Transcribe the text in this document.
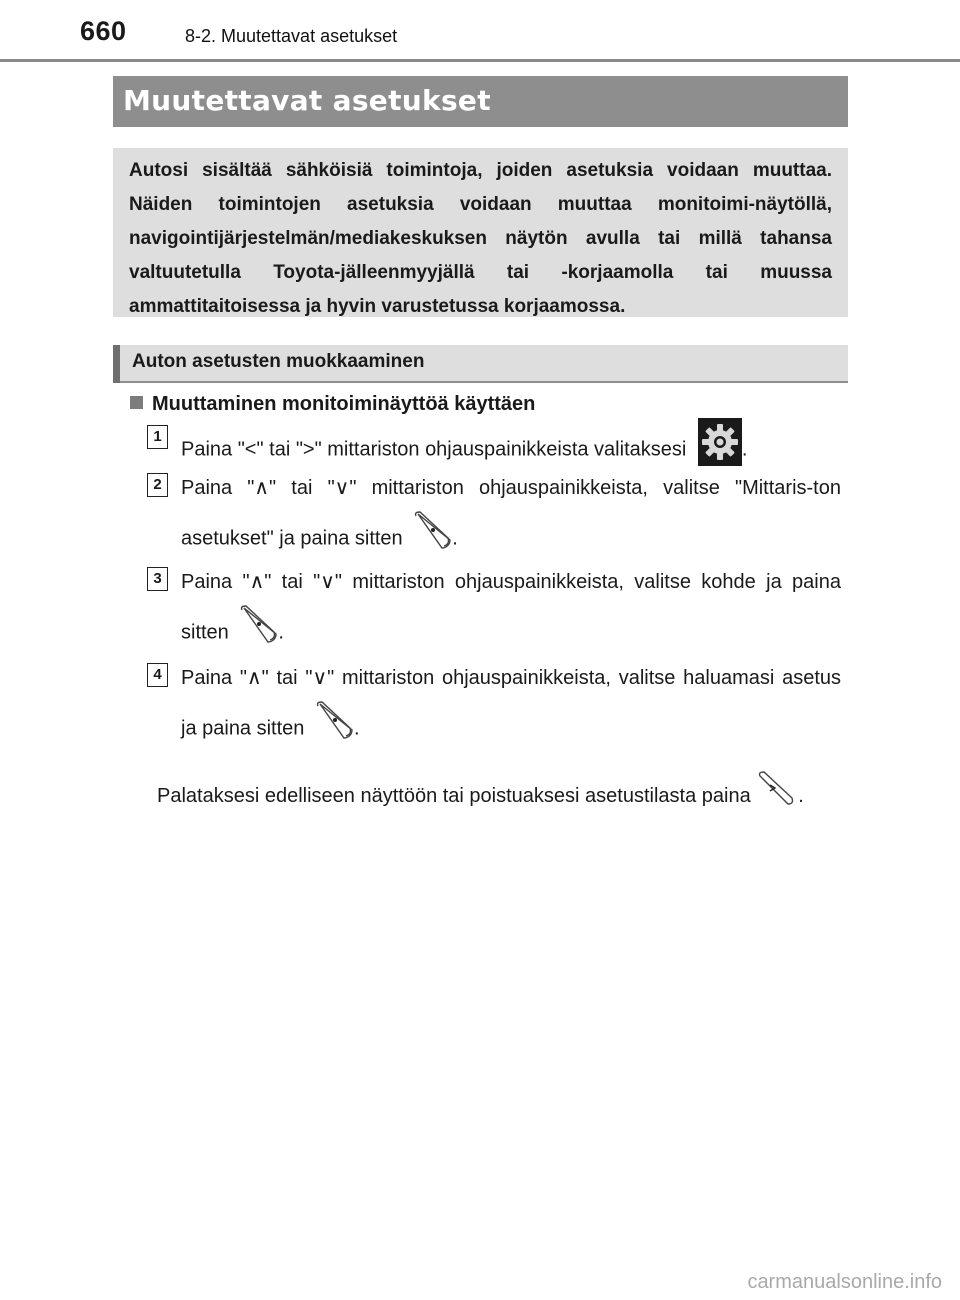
660	8-2. Muutettavat asetukset
Muutettavat asetukset

Autosi sisältää sähköisiä toimintoja, joiden asetuksia voidaan muuttaa. Näiden toimintojen asetuksia voidaan muuttaa monitoimi-näytöllä, navigointijärjestelmän/mediakeskuksen näytön avulla tai millä tahansa valtuutetulla Toyota-jälleenmyyjällä tai -korjaamolla tai muussa ammattitaitoisessa ja hyvin varustetussa korjaamossa.

Auton asetusten muokkaaminen
Muuttaminen monitoiminäyttöä käyttäen
1
Paina "<" tai ">" mittariston ohjauspainikkeista valitaksesi	.
2 Paina "∧" tai "∨" mittariston ohjauspainikkeista, valitse "Mittaris-ton asetukset" ja paina sitten .
3 Paina "∧" tai "∨" mittariston ohjauspainikkeista, valitse kohde ja paina sitten .
4 Paina "∧" tai "∨" mittariston ohjauspainikkeista, valitse haluamasi asetus ja paina sitten .
Palataksesi edelliseen näyttöön tai poistuaksesi asetustilasta paina .
carmanualsonline.info
